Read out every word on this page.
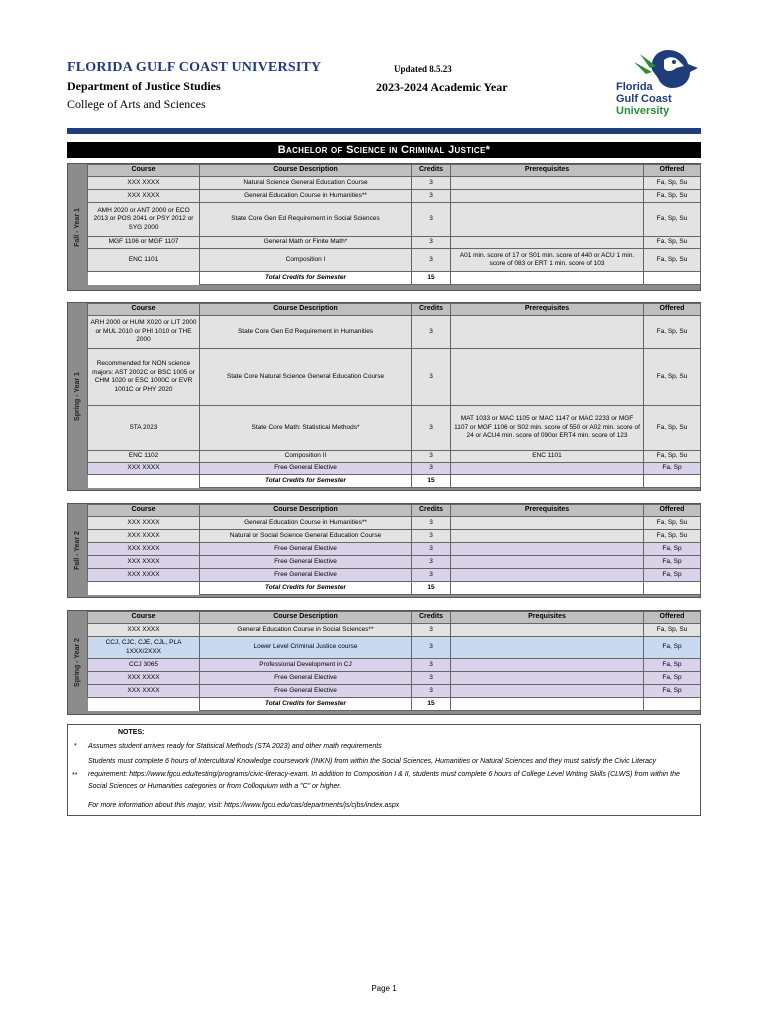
FLORIDA GULF COAST UNIVERSITY
Department of Justice Studies
College of Arts and Sciences
Updated 8.5.23
2023-2024 Academic Year	Florida
Gulf Coast
University
Bachelor of Science in Criminal Justice*
Fall - Year 1
Course	Course Description	Credits	Prerequisites	Offered
XXX XXXX	Natural Science General Education Course	3		Fa, Sp, Su
XXX XXXX	General Education Course in Humanities**	3		Fa, Sp, Su
AMH 2020 or ANT 2000 or ECO 2013 or POS 2041 or PSY 2012 or SYG 2000	State Core Gen Ed Requirement in Social Sciences	3		Fa, Sp, Su
MGF 1106 or MGF 1107	General Math or Finite Math*	3		Fa, Sp, Su
ENC 1101	Composition I	3	A01 min. score of 17 or S01 min. score of 440 or ACU 1 min. score of 083 or ERT 1 min. score of 103	Fa, Sp, Su
	Total Credits for Semester	15		
Spring - Year 1
Course	Course Description	Credits	Prerequisites	Offered
ARH 2000 or HUM X020 or LIT 2000 or MUL 2010 or PHI 1010 or THE 2000	State Core Gen Ed Requirement in Humanities	3		Fa, Sp, Su
Recommended for NON science majors: AST 2002C or BSC 1005 or CHM 1020 or ESC 1000C or EVR 1001C or PHY 2020	State Core Natural Science General Education Course	3		Fa, Sp, Su
STA 2023	State Core Math: Statistical Methods*	3	MAT 1033 or MAC 1105 or MAC 1147 or MAC 2233 or MGF 1107 or MGF 1106 or S02 min. score of 550 or A02 min. score of 24 or ACU4 min. score of 090or ERT4 min. score of 123	Fa, Sp, Su
ENC 1102	Composition II	3	ENC 1101	Fa, Sp, Su
XXX XXXX	Free General Elective	3		Fa, Sp
	Total Credits for Semester	15		
Fall - Year 2
Course	Course Description	Credits	Prerequisites	Offered
XXX XXXX	General Education Course in Humanities**	3		Fa, Sp, Su
XXX XXXX	Natural or Social Science General Education Course	3		Fa, Sp, Su
XXX XXXX	Free General Elective	3		Fa, Sp
XXX XXXX	Free General Elective	3		Fa, Sp
XXX XXXX	Free General Elective	3		Fa, Sp
	Total Credits for Semester	15		
Spring - Year 2
Course	Course Description	Credits	Prequisites	Offered
XXX XXXX	General Education Course in Social Sciences**	3		Fa, Sp, Su
CCJ, CJC, CJE, CJL, PLA 1XXX/2XXX	Lower Level Criminal Justice course	3		Fa, Sp
CCJ 3065	Professional Development in CJ	3		Fa, Sp
XXX XXXX	Free General Elective	3		Fa, Sp
XXX XXXX	Free General Elective	3		Fa, Sp
	Total Credits for Semester	15		
NOTES:
*
**
Assumes student arrives ready for Statisical Methods (STA 2023) and other math requirements
Students must complete 6 hours of Intercultural Knowledge coursework (INKN) from within the Social Sciences, Humanities or Natural Sciences and they must satisfy the Civic Literacy requirement: https://www.fgcu.edu/testing/programs/civic-literacy-exam. In addition to Composition I & II, students must complete 6 hours of College Level Writing Skills (CLWS) from within the Social Sciences or Humanities categories or from Colloquium with a "C" or higher.
For more information about this major, visit: https://www.fgcu.edu/cas/departments/js/cjbs/index.aspx
Page 1
